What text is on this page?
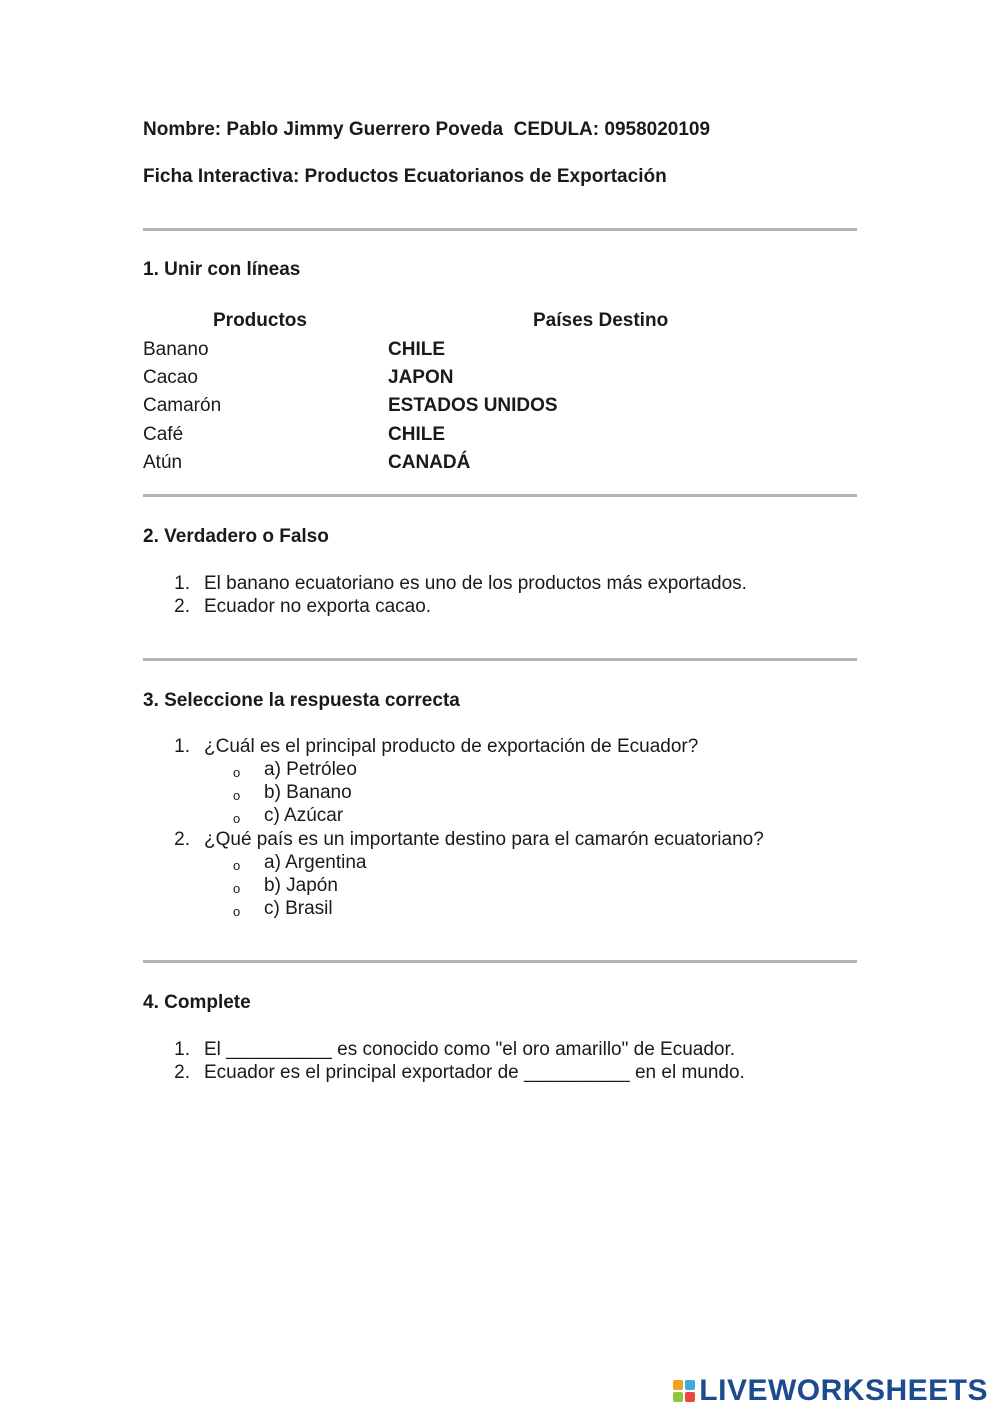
Nombre: Pablo Jimmy Guerrero Poveda  CEDULA: 0958020109
Ficha Interactiva: Productos Ecuatorianos de Exportación
1. Unir con líneas
Productos	Países Destino
Banano
Cacao
Camarón
Café
Atún
CHILE
JAPON
ESTADOS UNIDOS
CHILE
CANADÁ
2. Verdadero o Falso
1. El banano ecuatoriano es uno de los productos más exportados.
2. Ecuador no exporta cacao.
3. Seleccione la respuesta correcta
1. ¿Cuál es el principal producto de exportación de Ecuador?
o a) Petróleo
o b) Banano
o c) Azúcar
2. ¿Qué país es un importante destino para el camarón ecuatoriano?
o a) Argentina
o b) Japón
o c) Brasil
4. Complete
1. El __________ es conocido como "el oro amarillo" de Ecuador.
2. Ecuador es el principal exportador de __________ en el mundo.
LIVEWORKSHEETS
